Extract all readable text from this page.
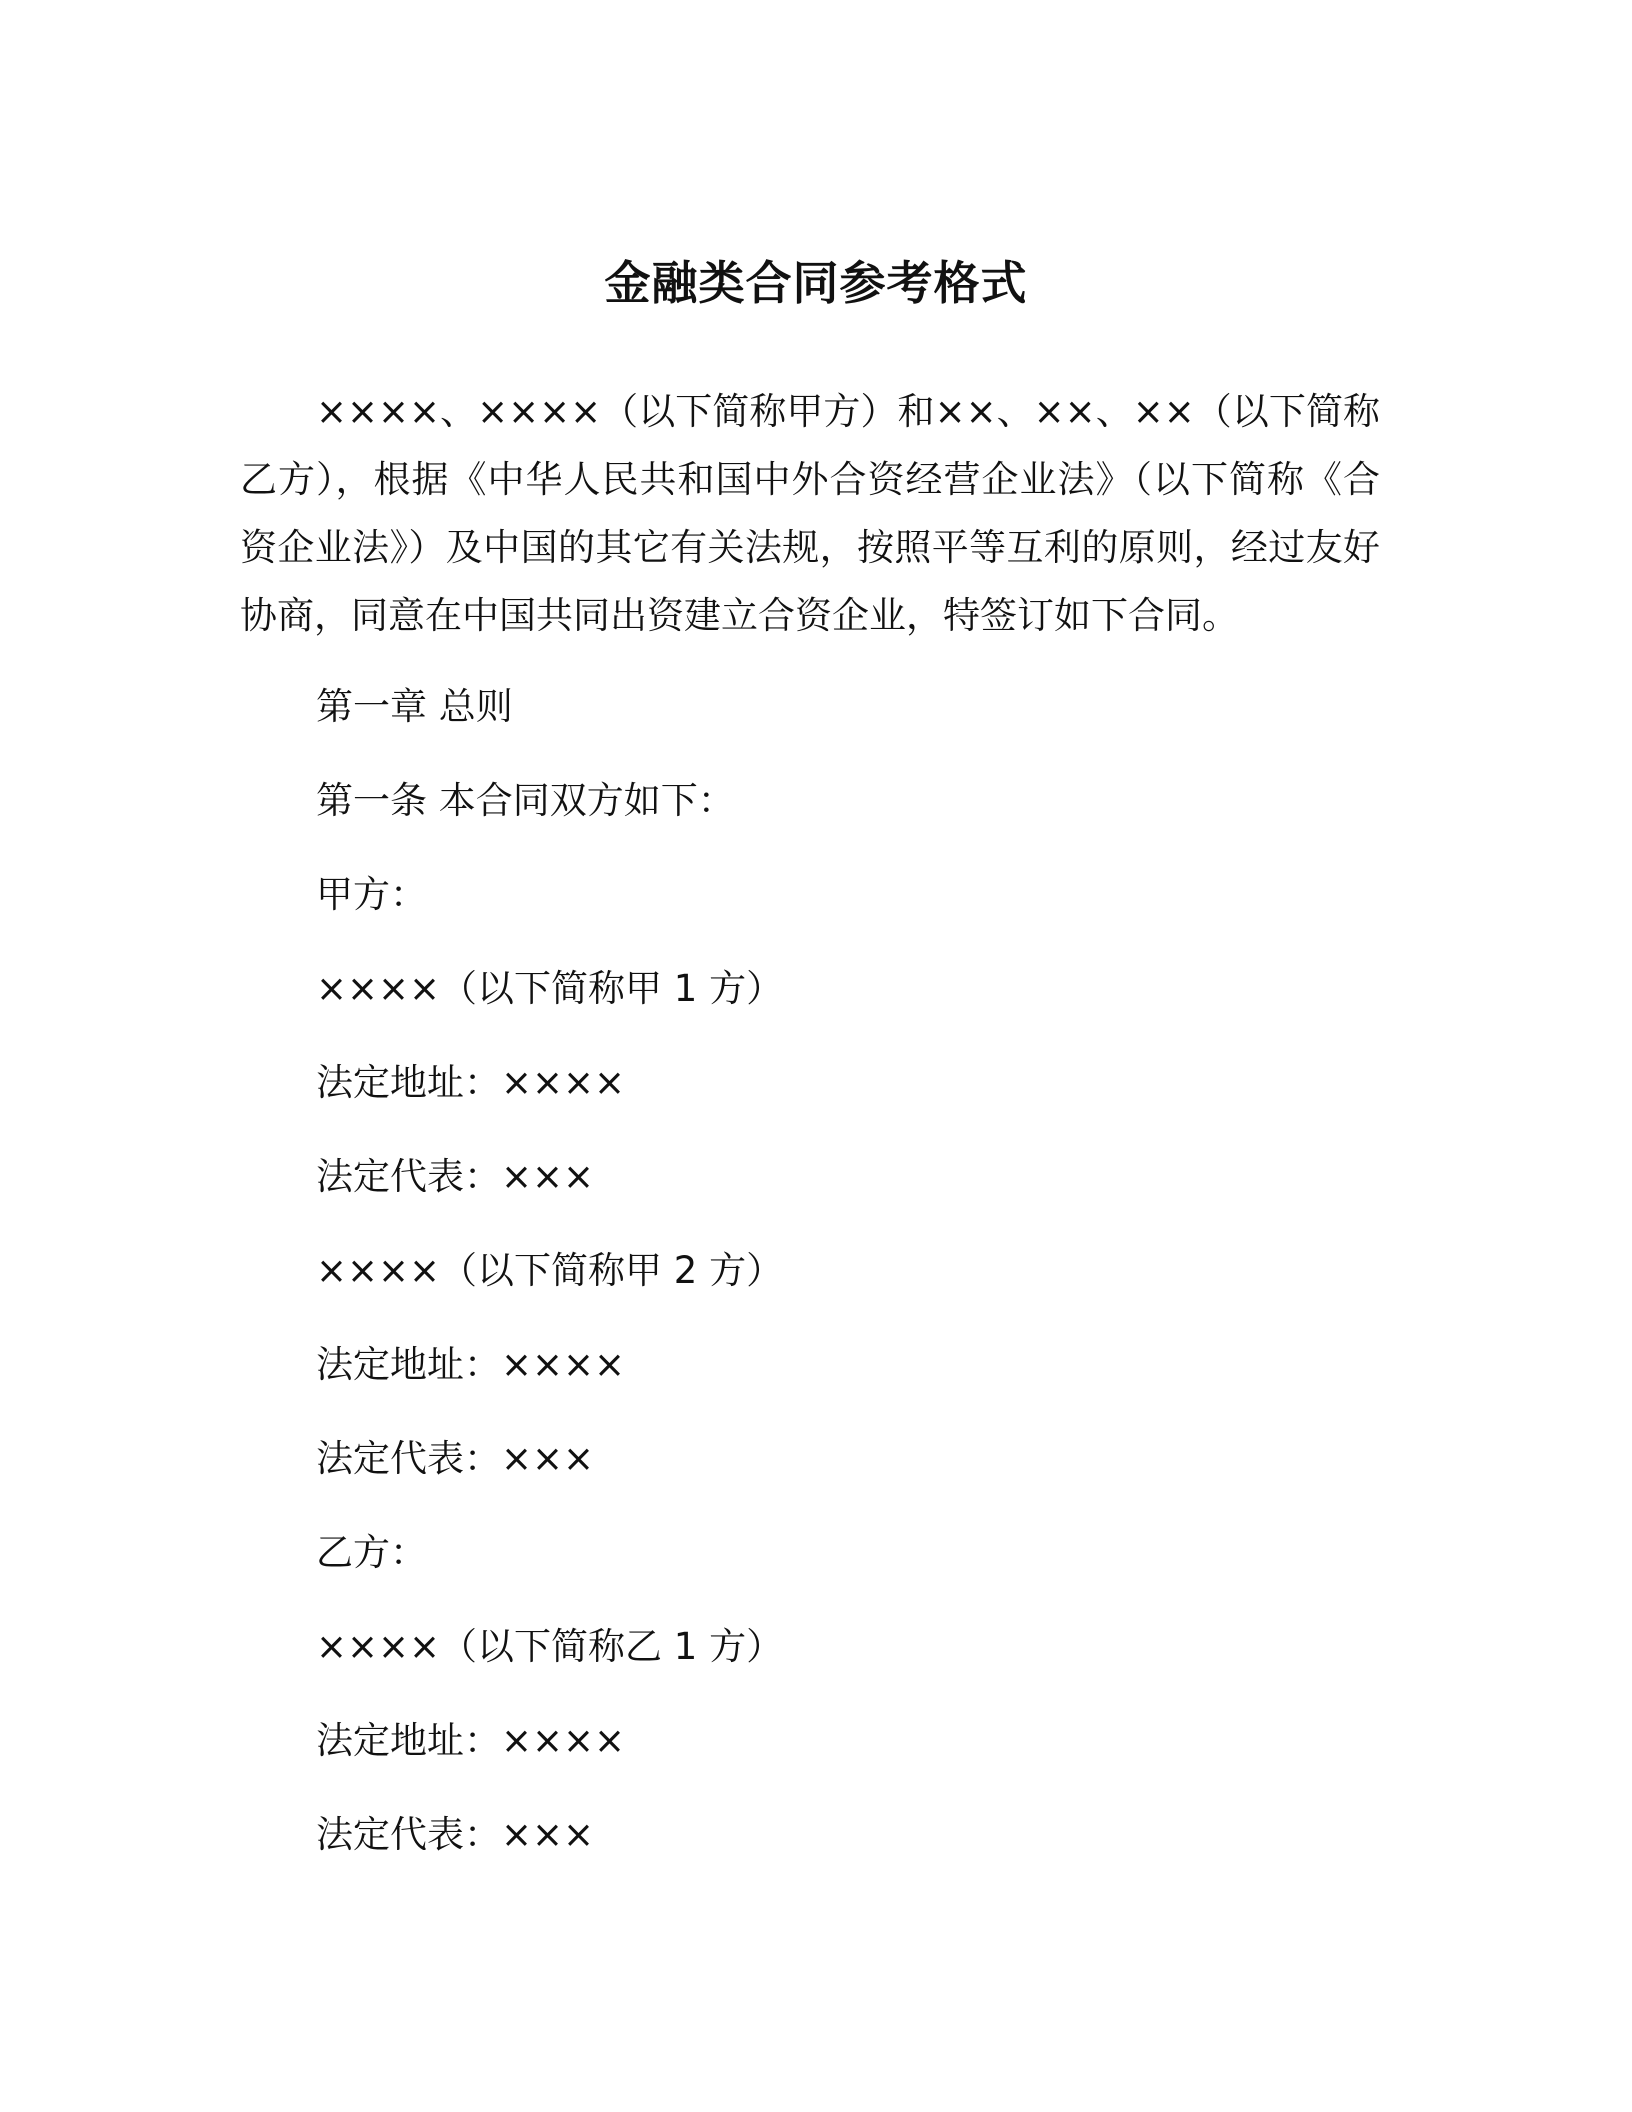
金融类合同参考格式

××××、××××（以下简称甲方）和××、××、××（以下简称乙方），根据《中华人民共和国中外合资经营企业法》（以下简称《合资企业法》）及中国的其它有关法规，按照平等互利的原则，经过友好协商，同意在中国共同出资建立合资企业，特签订如下合同。

第一章 总则

第一条 本合同双方如下：

甲方：

××××（以下简称甲 1 方）

法定地址：××××

法定代表：×××

××××（以下简称甲 2 方）

法定地址：××××

法定代表：×××

乙方：

××××（以下简称乙 1 方）

法定地址：××××

法定代表：×××
